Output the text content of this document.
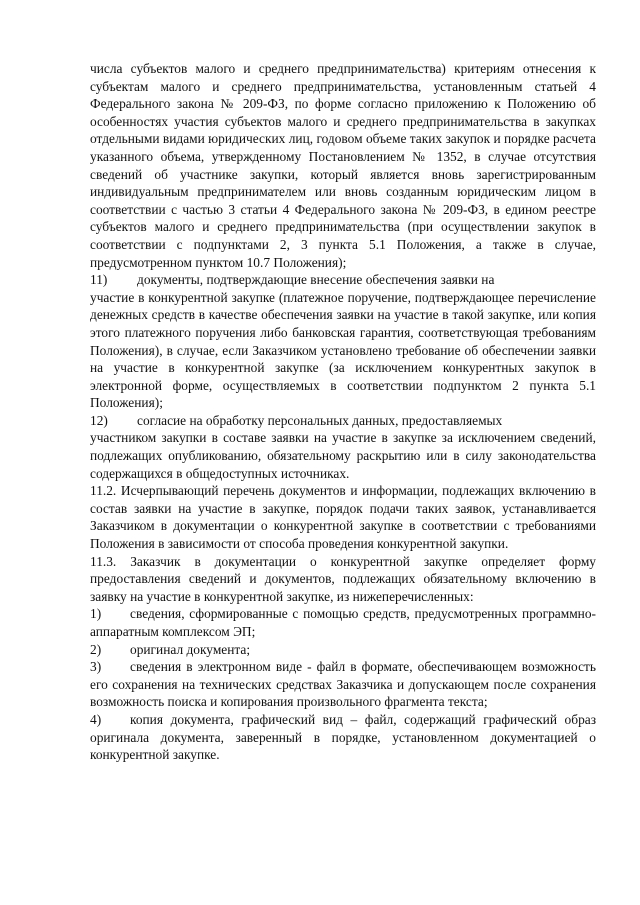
числа субъектов малого и среднего предпринимательства) критериям отнесения к субъектам малого и среднего предпринимательства, установленным статьей 4 Федерального закона № 209-ФЗ, по форме согласно приложению к Положению об особенностях участия субъектов малого и среднего предпринимательства в закупках отдельными видами юридических лиц, годовом объеме таких закупок и порядке расчета указанного объема, утвержденному Постановлением № 1352, в случае отсутствия сведений об участнике закупки, который является вновь зарегистрированным индивидуальным предпринимателем или вновь созданным юридическим лицом в соответствии с частью 3 статьи 4 Федерального закона № 209-ФЗ, в едином реестре субъектов малого и среднего предпринимательства (при осуществлении закупок в соответствии с подпунктами 2, 3 пункта 5.1 Положения, а также в случае, предусмотренном пунктом 10.7 Положения);

11) документы, подтверждающие внесение обеспечения заявки на
участие в конкурентной закупке (платежное поручение, подтверждающее перечисление денежных средств в качестве обеспечения заявки на участие в такой закупке, или копия этого платежного поручения либо банковская гарантия, соответствующая требованиям Положения), в случае, если Заказчиком установлено требование об обеспечении заявки на участие в конкурентной закупке (за исключением конкурентных закупок в электронной форме, осуществляемых в соответствии подпунктом 2 пункта 5.1 Положения);

12) согласие на обработку персональных данных, предоставляемых
участником закупки в составе заявки на участие в закупке за исключением сведений, подлежащих опубликованию, обязательному раскрытию или в силу законодательства содержащихся в общедоступных источниках.

11.2. Исчерпывающий перечень документов и информации, подлежащих включению в состав заявки на участие в закупке, порядок подачи таких заявок, устанавливается Заказчиком в документации о конкурентной закупке в соответствии с требованиями Положения в зависимости от способа проведения конкурентной закупки.

11.3. Заказчик в документации о конкурентной закупке определяет форму предоставления сведений и документов, подлежащих обязательному включению в заявку на участие в конкурентной закупке, из нижеперечисленных:

1) сведения, сформированные с помощью средств, предусмотренных программно-аппаратным комплексом ЭП;

2) оригинал документа;

3) сведения в электронном виде - файл в формате, обеспечивающем возможность его сохранения на технических средствах Заказчика и допускающем после сохранения возможность поиска и копирования произвольного фрагмента текста;

4) копия документа, графический вид – файл, содержащий графический образ оригинала документа, заверенный в порядке, установленном документацией о конкурентной закупке.
